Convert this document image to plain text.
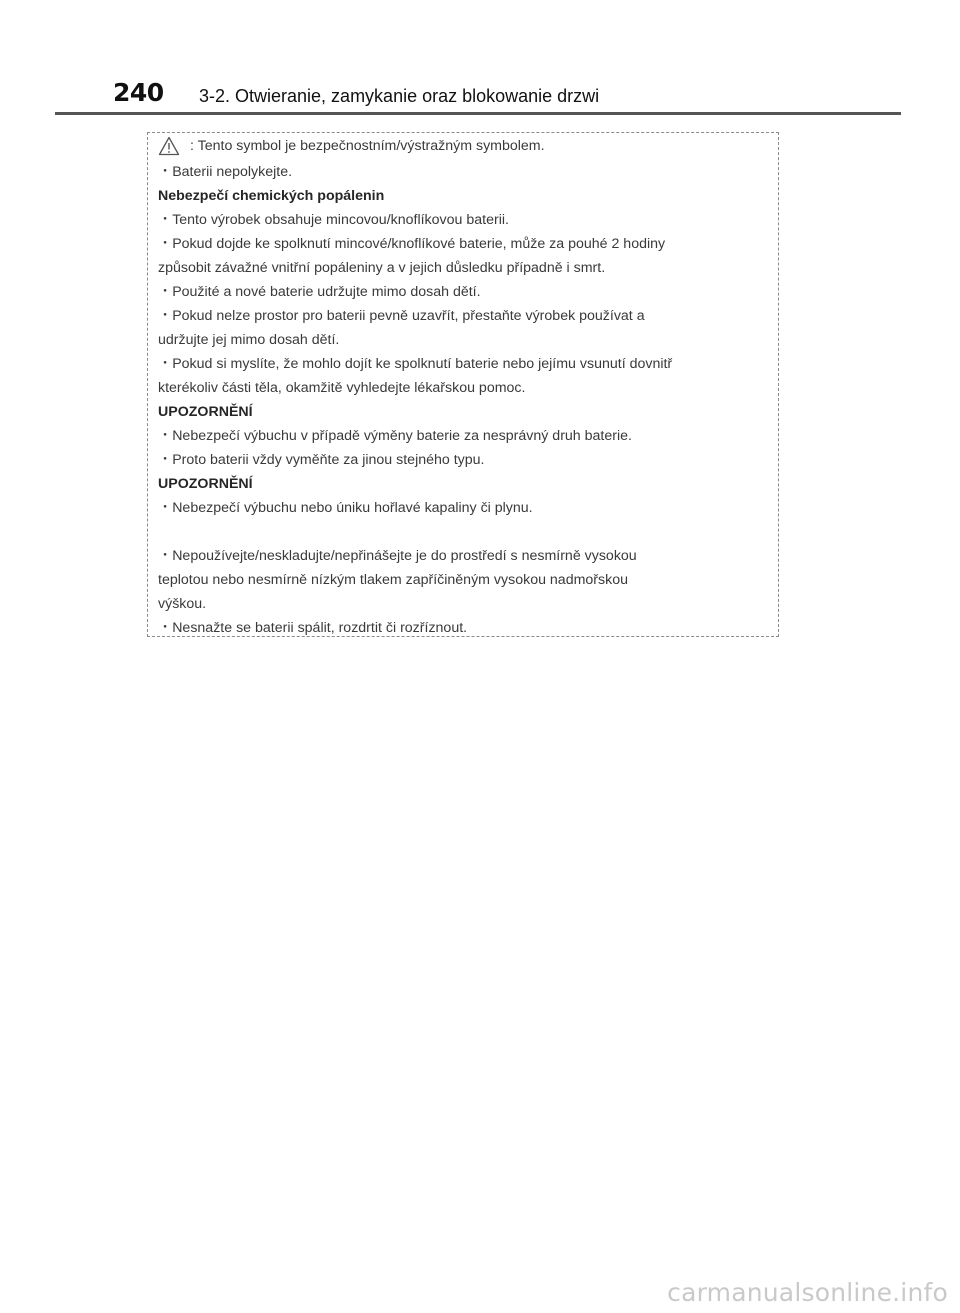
240 3-2. Otwieranie, zamykanie oraz blokowanie drzwi
: Tento symbol je bezpečnostním/výstražným symbolem.
・Baterii nepolykejte.
Nebezpečí chemických popálenin
・Tento výrobek obsahuje mincovou/knoflíkovou baterii.
・Pokud dojde ke spolknutí mincové/knoflíkové baterie, může za pouhé 2 hodiny
způsobit závažné vnitřní popáleniny a v jejich důsledku případně i smrt.
・Použité a nové baterie udržujte mimo dosah dětí.
・Pokud nelze prostor pro baterii pevně uzavřít, přestaňte výrobek používat a
udržujte jej mimo dosah dětí.
・Pokud si myslíte, že mohlo dojít ke spolknutí baterie nebo jejímu vsunutí dovnitř
kterékoliv části těla, okamžitě vyhledejte lékařskou pomoc.
UPOZORNĚNÍ
・Nebezpečí výbuchu v případě výměny baterie za nesprávný druh baterie.
・Proto baterii vždy vyměňte za jinou stejného typu.
UPOZORNĚNÍ
・Nebezpečí výbuchu nebo úniku hořlavé kapaliny či plynu.
・Nepoužívejte/neskladujte/nepřinášejte je do prostředí s nesmírně vysokou
teplotou nebo nesmírně nízkým tlakem zapříčiněným vysokou nadmořskou
výškou.
・Nesnažte se baterii spálit, rozdrtit či rozříznout.
carmanualsonline.info
